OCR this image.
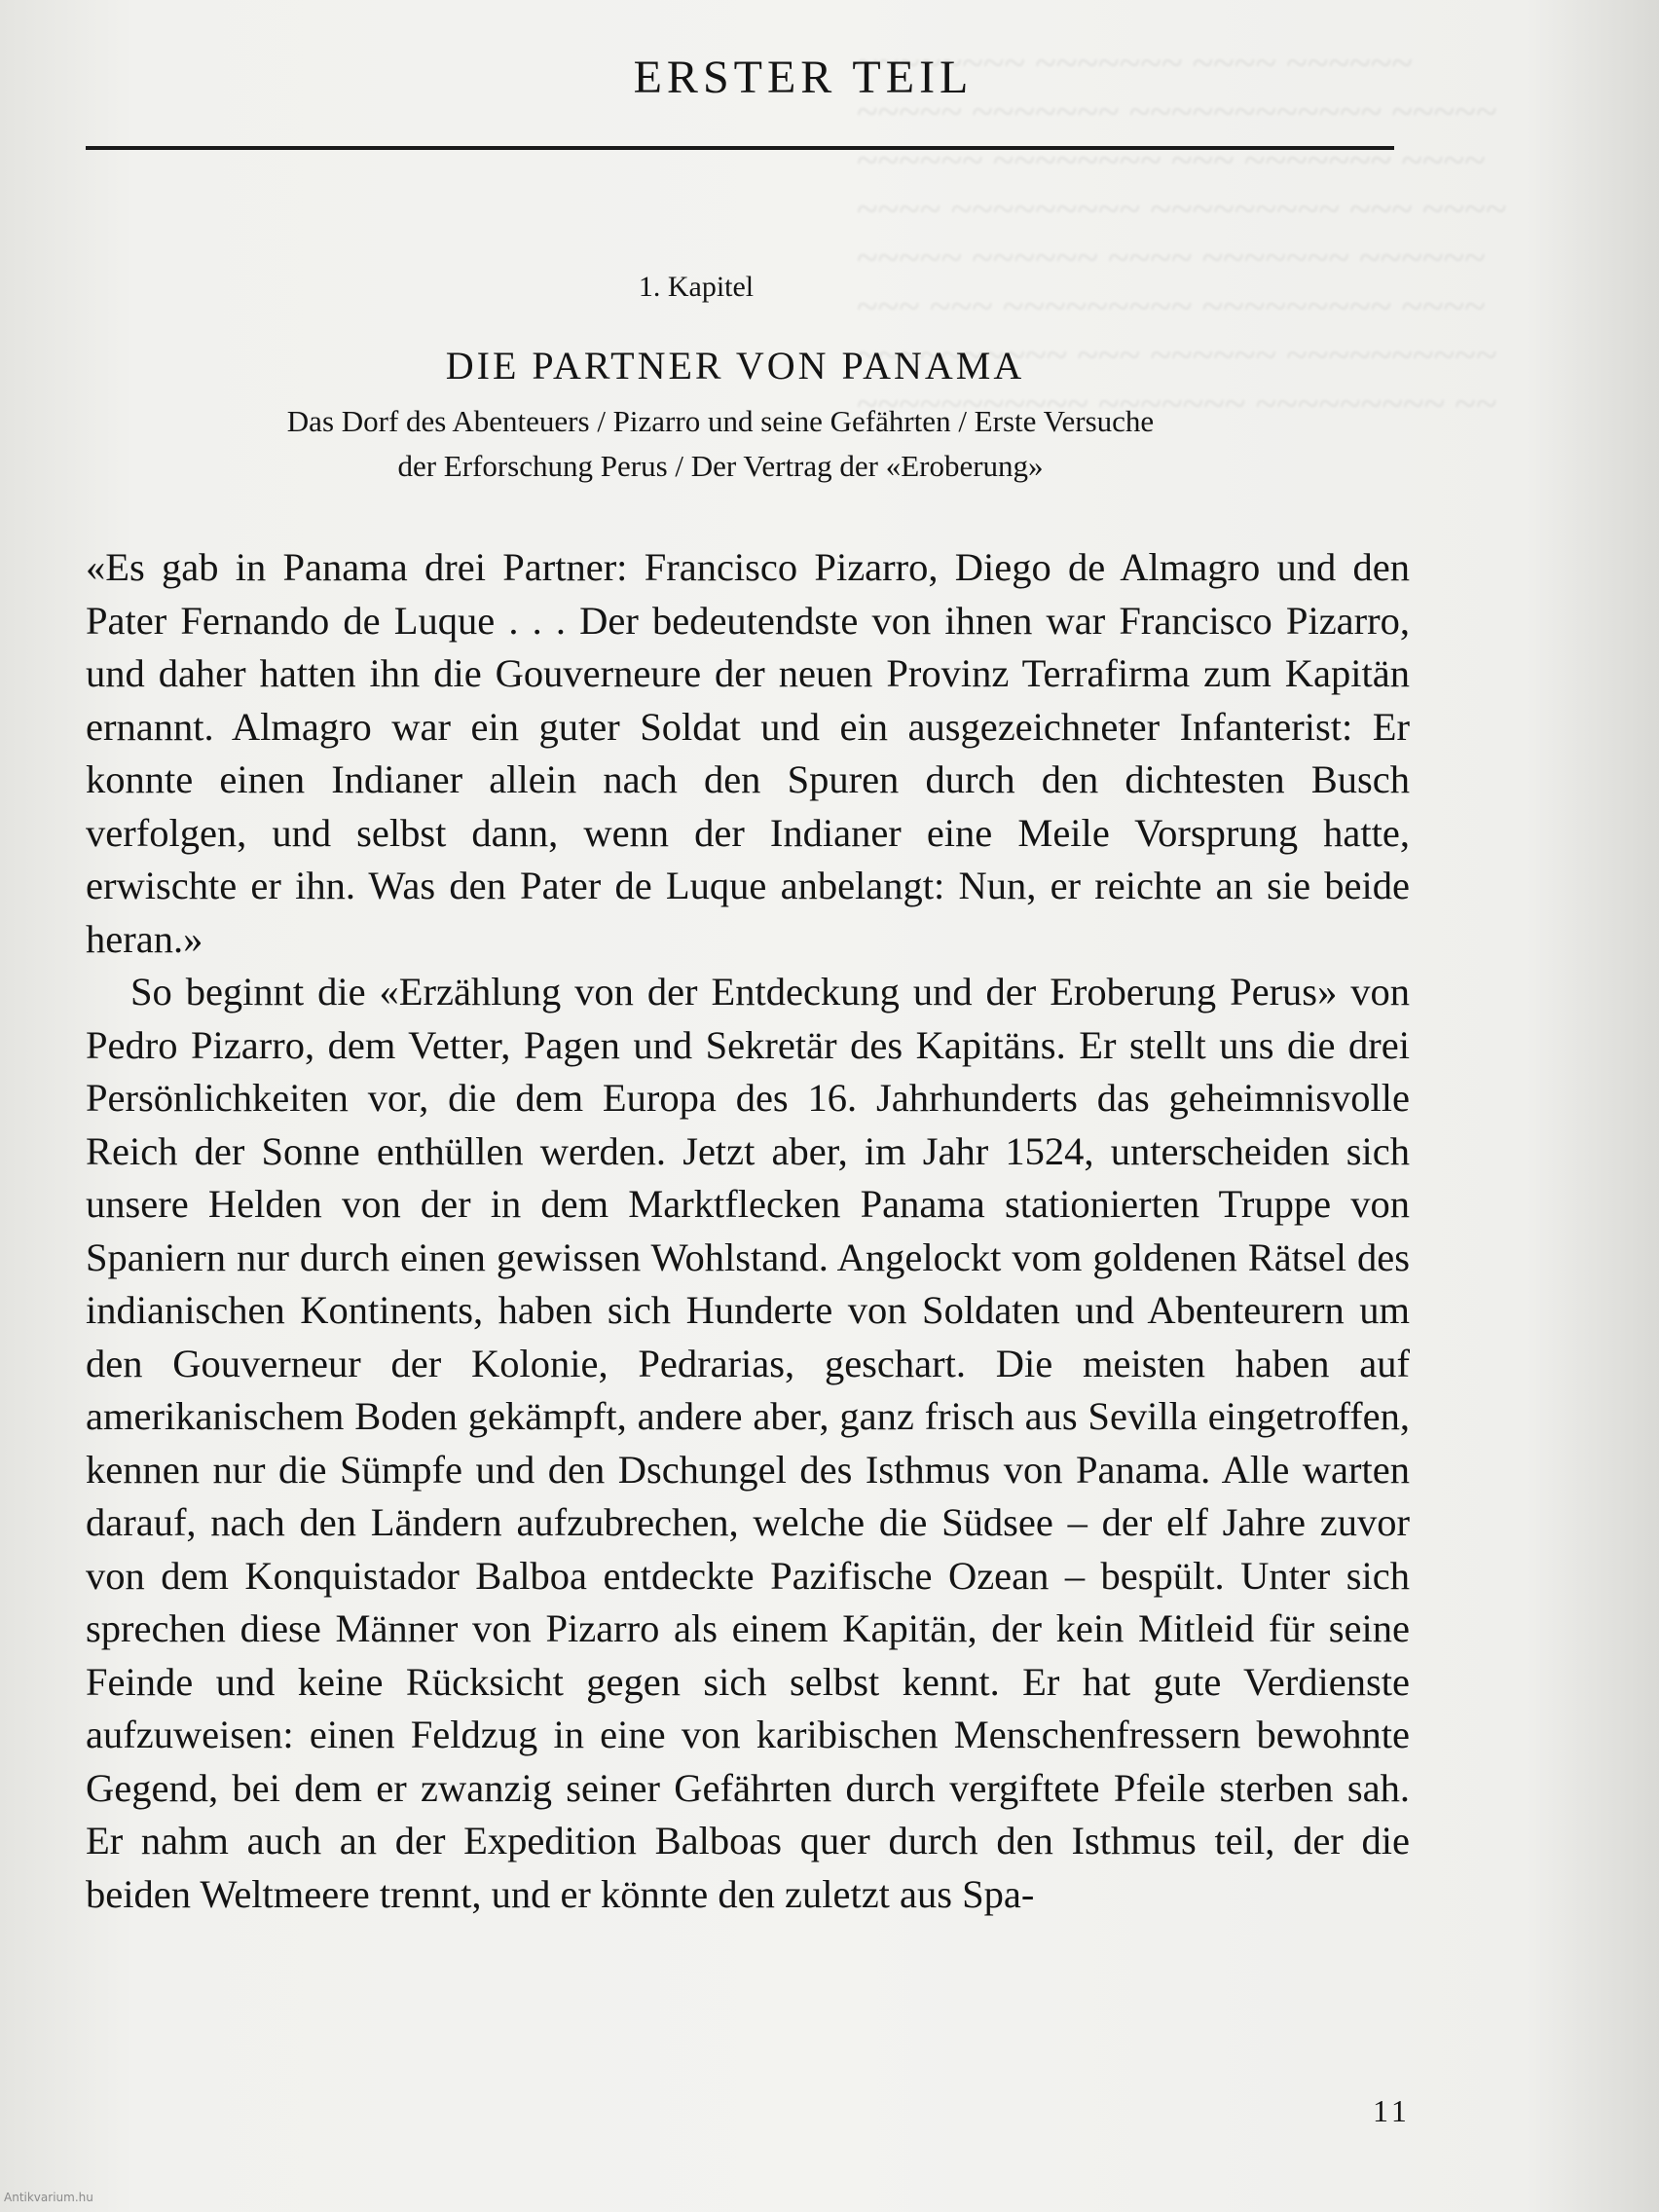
~~~~~~~~ ~~~~~~~ ~~~~ ~~~~~~
~~~~~ ~~~~~~~ ~~~~~~~~~~~~ ~~~~~
~~~~~~ ~~~~~~~~ ~~~ ~~~~~~~ ~~~~
~~~~ ~~~~~~~~~ ~~~~~~~~~ ~~~ ~~~~
~~~~~ ~~~~~~ ~~~~ ~~~~~~~ ~~~~~~
~~~ ~~~ ~~~~~~~~~ ~~~~~~~~~ ~~~~
~~~~~~~~~~ ~~~ ~~~~~~ ~~~~~~~~~~
~~~~~~~~~~~ ~~~~~~~ ~~~~~~~~~ ~~
ERSTER TEIL
1. Kapitel
DIE PARTNER VON PANAMA
Das Dorf des Abenteuers / Pizarro und seine Gefährten / Erste Versuche
der Erforschung Perus / Der Vertrag der «Eroberung»

«Es gab in Panama drei Partner: Francisco Pizarro, Diego de Almagro und den Pater Fernando de Luque . . . Der bedeutendste von ihnen war Francisco Pizarro, und daher hatten ihn die Gouverneure der neuen Provinz Terrafirma zum Kapitän ernannt. Almagro war ein guter Soldat und ein ausgezeichneter Infanterist: Er konnte einen Indianer allein nach den Spuren durch den dichtesten Busch verfolgen, und selbst dann, wenn der Indianer eine Meile Vorsprung hatte, erwischte er ihn. Was den Pater de Luque anbelangt: Nun, er reichte an sie beide heran.»

So beginnt die «Erzählung von der Entdeckung und der Eroberung Perus» von Pedro Pizarro, dem Vetter, Pagen und Sekretär des Kapitäns. Er stellt uns die drei Persönlichkeiten vor, die dem Europa des 16. Jahrhunderts das geheimnisvolle Reich der Sonne enthüllen werden. Jetzt aber, im Jahr 1524, unterscheiden sich unsere Helden von der in dem Marktflecken Panama stationierten Truppe von Spaniern nur durch einen gewissen Wohlstand. Angelockt vom goldenen Rätsel des indianischen Kontinents, haben sich Hunderte von Soldaten und Abenteurern um den Gouverneur der Kolonie, Pedrarias, geschart. Die meisten haben auf amerikanischem Boden gekämpft, andere aber, ganz frisch aus Sevilla eingetroffen, kennen nur die Sümpfe und den Dschungel des Isthmus von Panama. Alle warten darauf, nach den Ländern aufzubrechen, welche die Südsee – der elf Jahre zuvor von dem Konquistador Balboa entdeckte Pazifische Ozean – bespült. Unter sich sprechen diese Männer von Pizarro als einem Kapitän, der kein Mitleid für seine Feinde und keine Rücksicht gegen sich selbst kennt. Er hat gute Verdienste aufzuweisen: einen Feldzug in eine von karibischen Menschenfressern bewohnte Gegend, bei dem er zwanzig seiner Gefährten durch vergiftete Pfeile sterben sah. Er nahm auch an der Expedition Balboas quer durch den Isthmus teil, der die beiden Weltmeere trennt, und er könnte den zuletzt aus Spa-

11
Antikvarium.hu
